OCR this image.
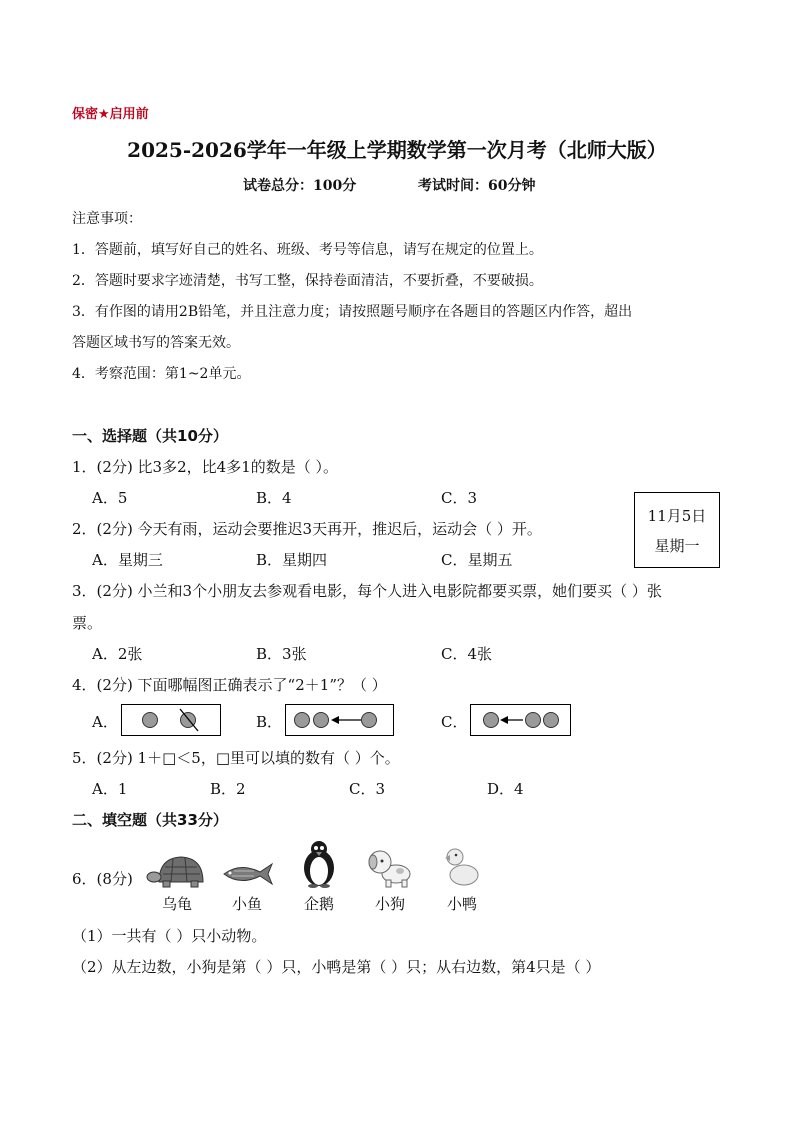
保密★启用前
2025-2026学年一年级上学期数学第一次月考（北师大版）
试卷总分：100分	考试时间：60分钟
注意事项：
1．答题前，填写好自己的姓名、班级、考号等信息，请写在规定的位置上。
2．答题时要求字迹清楚，书写工整，保持卷面清洁，不要折叠，不要破损。
3．有作图的请用2B铅笔，并且注意力度；请按照题号顺序在各题目的答题区内作答，超出
答题区域书写的答案无效。
4．考察范围：第1~2单元。
一、选择题（共10分）
1．(2分) 比3多2，比4多1的数是（ ）。
A．5	B．4	C．3
2．(2分) 今天有雨，运动会要推迟3天再开，推迟后，运动会（ ）开。
11月5日
星期一
A．星期三	B．星期四	C．星期五
3．(2分) 小兰和3个小朋友去参观看电影，每个人进入电影院都要买票，她们要买（ ）张
票。
A．2张	B．3张	C．4张
4．(2分) 下面哪幅图正确表示了“2＋1”？（ ）
A．	B．	C．
5．(2分) 1＋□＜5，□里可以填的数有（ ）个。
A．1	B．2	C．3	D．4
二、填空题（共33分）
6．(8分)
乌龟	小鱼	企鹅	小狗	小鸭
（1）一共有（ ）只小动物。
（2）从左边数，小狗是第（ ）只，小鸭是第（ ）只；从右边数，第4只是（ ）
